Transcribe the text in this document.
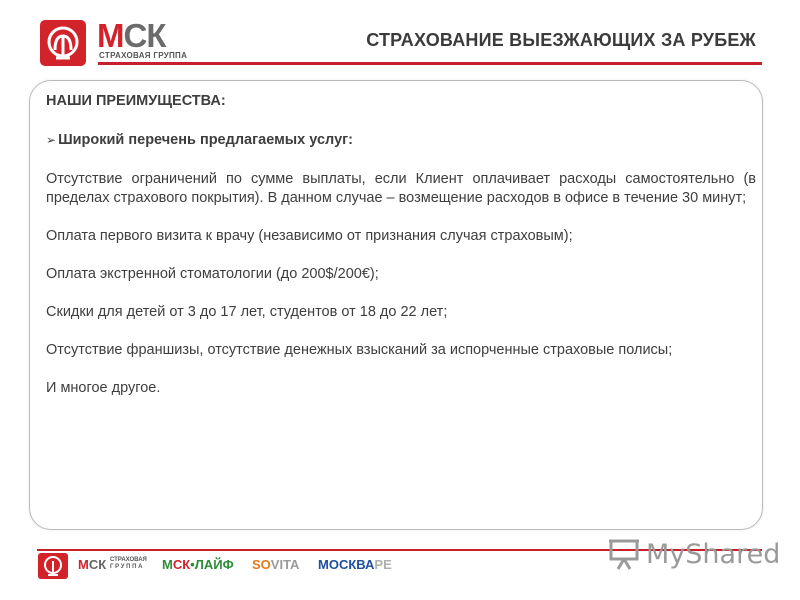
МСК
СТРАХОВАЯ ГРУППА
СТРАХОВАНИЕ ВЫЕЗЖАЮЩИХ ЗА РУБЕЖ

НАШИ ПРЕИМУЩЕСТВА:

➢ Широкий перечень предлагаемых услуг:

Отсутствие ограничений по сумме выплаты, если Клиент оплачивает расходы самостоятельно (в пределах страхового покрытия). В данном случае – возмещение расходов в офисе в течение 30 минут;

Оплата первого визита к врачу (независимо от признания случая страховым);

Оплата экстренной стоматологии (до 200$/200€);

Скидки для детей от 3 до 17 лет, студентов от 18 до 22 лет;

Отсутствие франшизы, отсутствие денежных взысканий за испорченные страховые полисы;

И многое другое.

МСК СТРАХОВАЯ
Г Р У П П А	МСК•ЛАЙФ SOVITA МОСКВАРЕ	MyShared
